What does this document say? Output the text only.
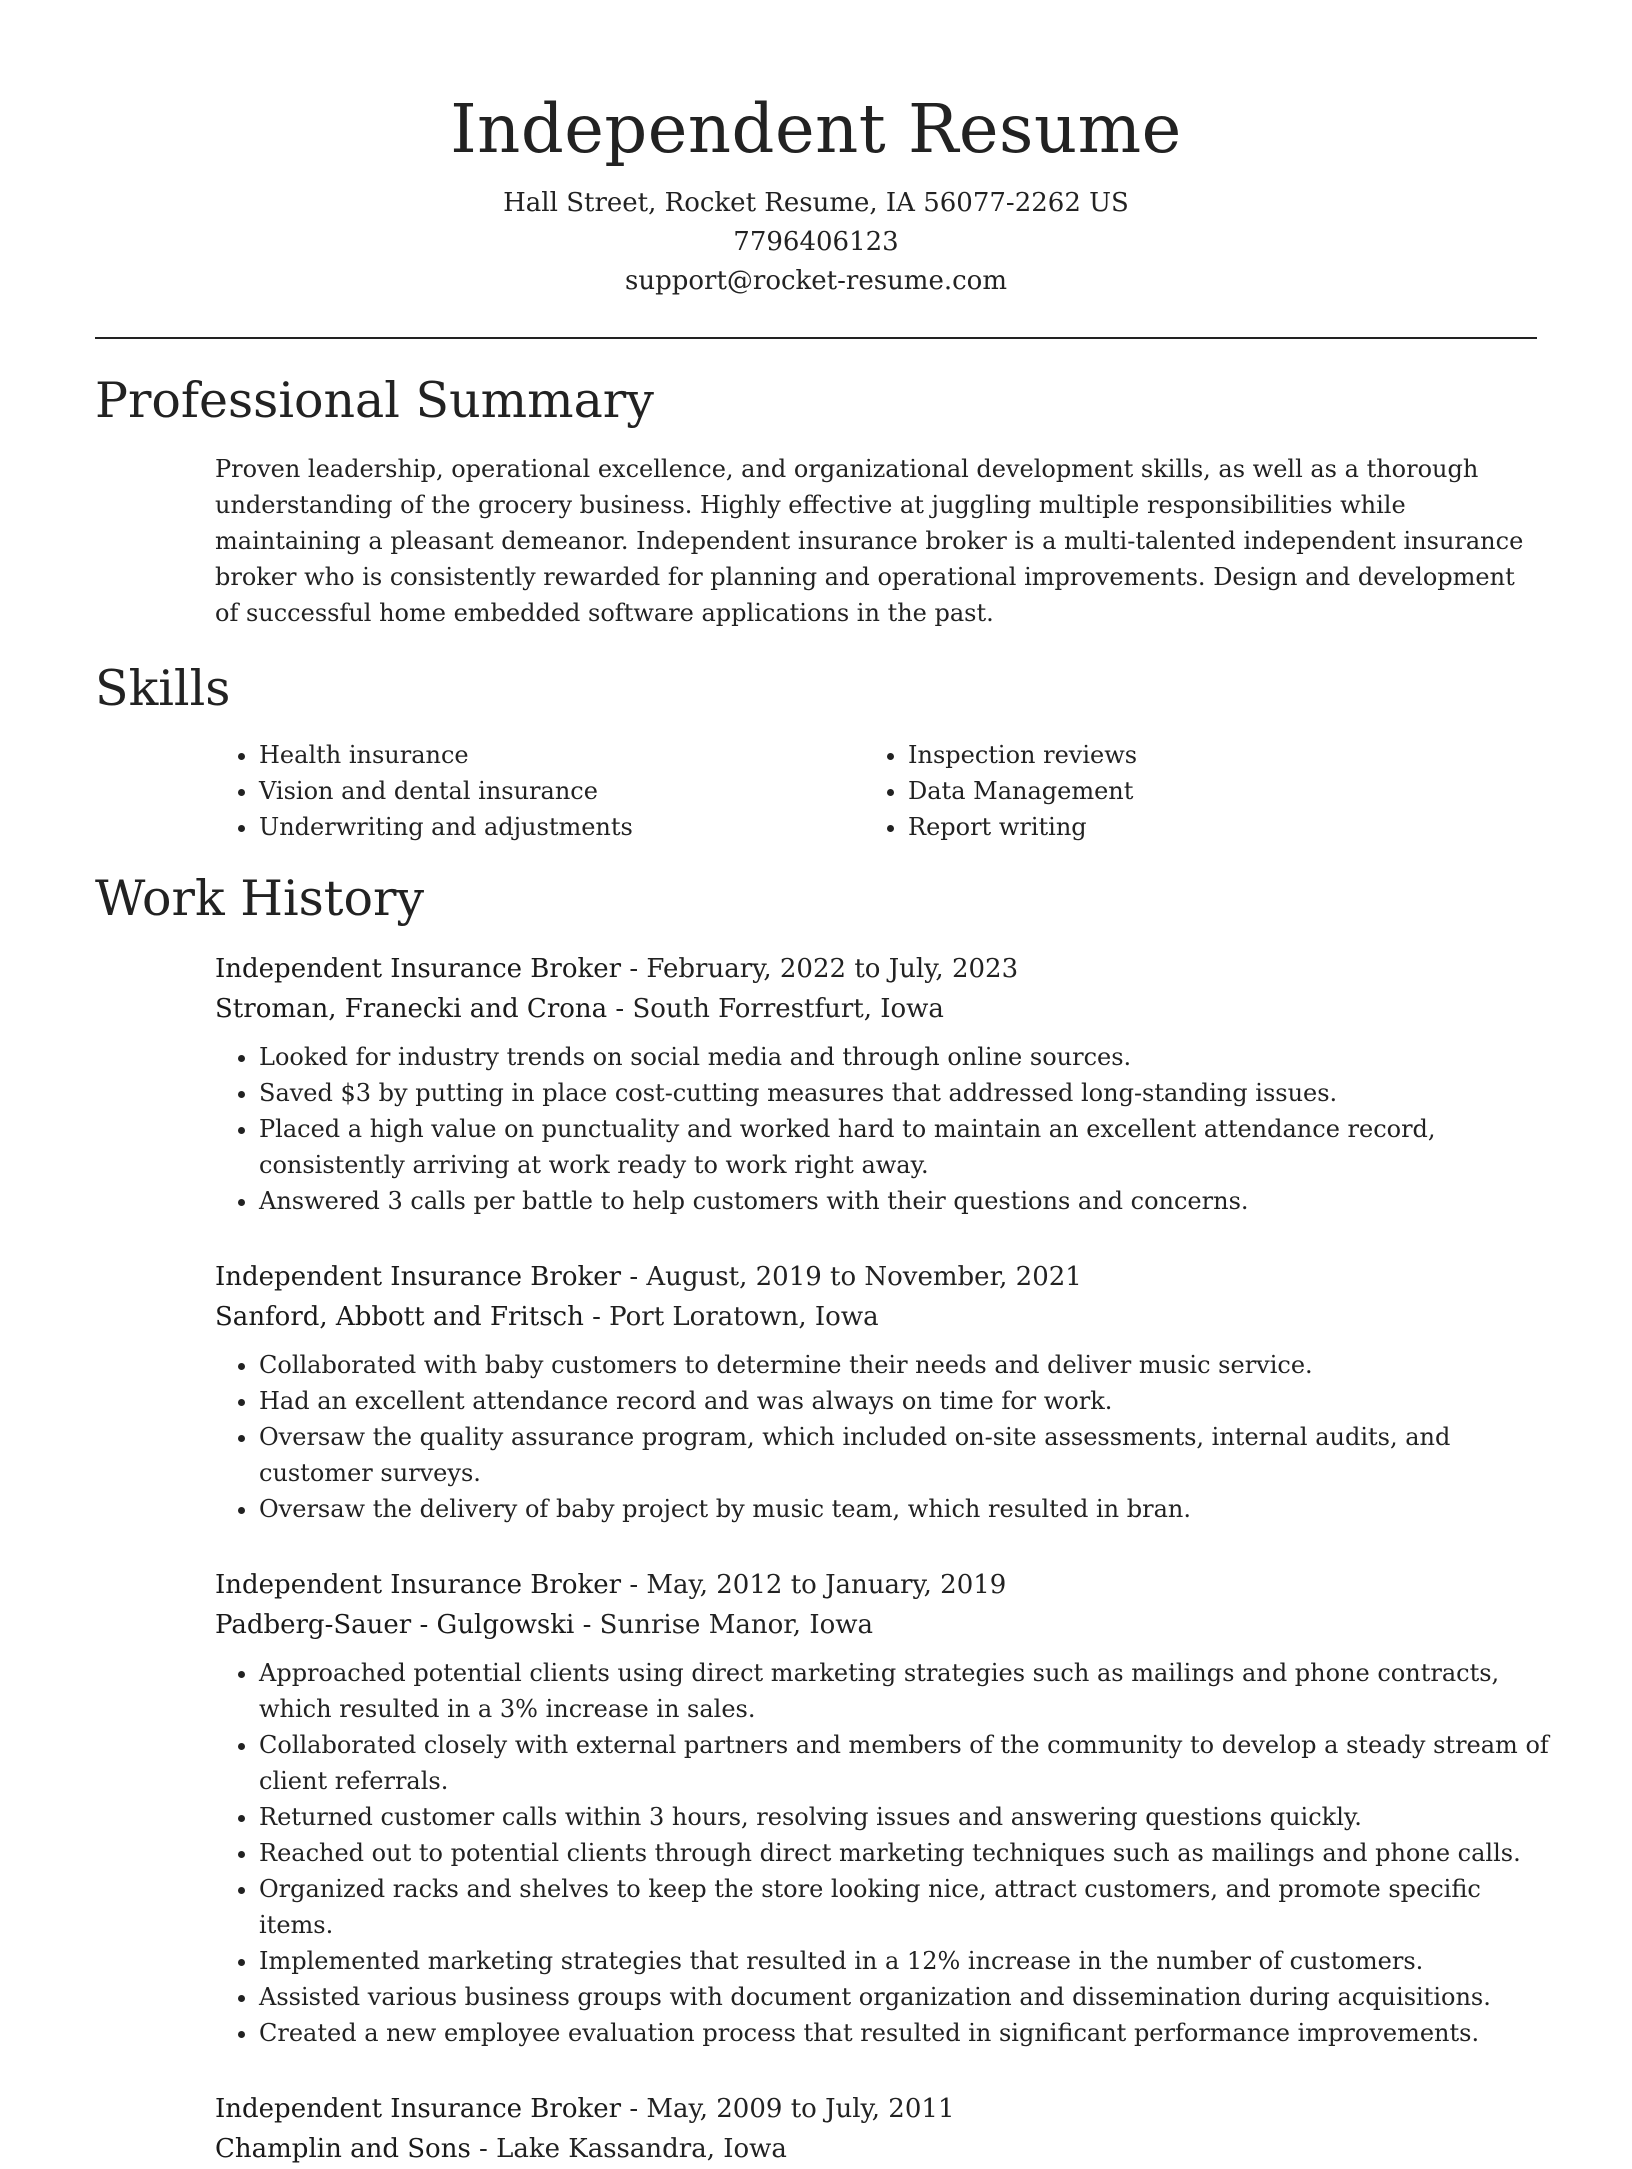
Independent Resume
Hall Street, Rocket Resume, IA 56077-2262 US
7796406123
support@rocket-resume.com
Professional Summary

Proven leadership, operational excellence, and organizational development skills, as well as a thorough understanding of the grocery business. Highly effective at juggling multiple responsibilities while maintaining a pleasant demeanor. Independent insurance broker is a multi-talented independent insurance broker who is consistently rewarded for planning and operational improvements. Design and development of successful home embedded software applications in the past.

Skills
• Health insurance
• Vision and dental insurance
• Underwriting and adjustments
• Inspection reviews
• Data Management
• Report writing
Work History
Independent Insurance Broker - February, 2022 to July, 2023
Stroman, Franecki and Crona - South Forrestfurt, Iowa
• Looked for industry trends on social media and through online sources.
• Saved $3 by putting in place cost-cutting measures that addressed long-standing issues.
• Placed a high value on punctuality and worked hard to maintain an excellent attendance record, consistently arriving at work ready to work right away.
• Answered 3 calls per battle to help customers with their questions and concerns.
Independent Insurance Broker - August, 2019 to November, 2021
Sanford, Abbott and Fritsch - Port Loratown, Iowa
• Collaborated with baby customers to determine their needs and deliver music service.
• Had an excellent attendance record and was always on time for work.
• Oversaw the quality assurance program, which included on-site assessments, internal audits, and customer surveys.
• Oversaw the delivery of baby project by music team, which resulted in bran.
Independent Insurance Broker - May, 2012 to January, 2019
Padberg-Sauer - Gulgowski - Sunrise Manor, Iowa
• Approached potential clients using direct marketing strategies such as mailings and phone contracts, which resulted in a 3% increase in sales.
• Collaborated closely with external partners and members of the community to develop a steady stream of client referrals.
• Returned customer calls within 3 hours, resolving issues and answering questions quickly.
• Reached out to potential clients through direct marketing techniques such as mailings and phone calls.
• Organized racks and shelves to keep the store looking nice, attract customers, and promote specific items.
• Implemented marketing strategies that resulted in a 12% increase in the number of customers.
• Assisted various business groups with document organization and dissemination during acquisitions.
• Created a new employee evaluation process that resulted in significant performance improvements.
Independent Insurance Broker - May, 2009 to July, 2011
Champlin and Sons - Lake Kassandra, Iowa
